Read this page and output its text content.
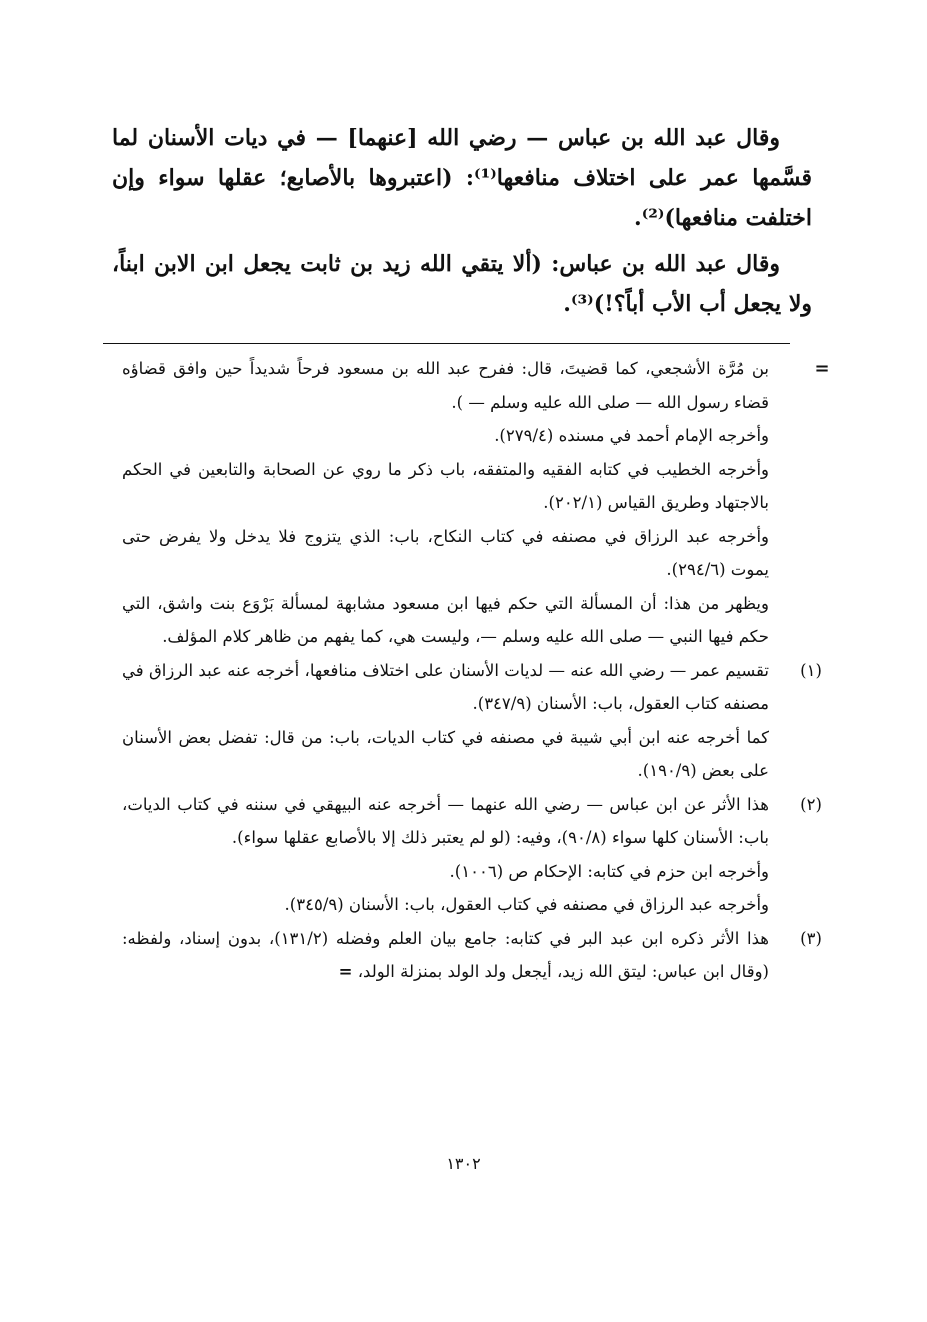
وقال عبد الله بن عباس — رضي الله [عنهما] — في ديات الأسنان لما قسَّمها عمر على اختلاف منافعها⁽¹⁾: (اعتبروها بالأصابع؛ عقلها سواء وإن اختلفت منافعها)⁽²⁾.

وقال عبد الله بن عباس: (ألا يتقي الله زيد بن ثابت يجعل ابن الابن ابناً، ولا يجعل أب الأب أباً؟!)⁽³⁾.

=

بن مُرَّة الأشجعي، كما قضيتَ، قال: ففرح عبد الله بن مسعود فرحاً شديداً حين وافق قضاؤه قضاء رسول الله — صلى الله عليه وسلم — ).

وأخرجه الإمام أحمد في مسنده (٢٧٩/٤).

وأخرجه الخطيب في كتابه الفقيه والمتفقه، باب ذكر ما روي عن الصحابة والتابعين في الحكم بالاجتهاد وطريق القياس (٢٠٢/١).

وأخرجه عبد الرزاق في مصنفه في كتاب النكاح، باب: الذي يتزوج فلا يدخل ولا يفرض حتى يموت (٢٩٤/٦).

ويظهر من هذا: أن المسألة التي حكم فيها ابن مسعود مشابهة لمسألة بَرْوَع بنت واشق، التي حكم فيها النبي — صلى الله عليه وسلم —، وليست هي، كما يفهم من ظاهر كلام المؤلف.

(١)

تقسيم عمر — رضي الله عنه — لديات الأسنان على اختلاف منافعها، أخرجه عنه عبد الرزاق في مصنفه كتاب العقول، باب: الأسنان (٣٤٧/٩).

كما أخرجه عنه ابن أبي شيبة في مصنفه في كتاب الديات، باب: من قال: تفضل بعض الأسنان على بعض (١٩٠/٩).

(٢)

هذا الأثر عن ابن عباس — رضي الله عنهما — أخرجه عنه البيهقي في سننه في كتاب الديات، باب: الأسنان كلها سواء (٩٠/٨)، وفيه: (لو لم يعتبر ذلك إلا بالأصابع عقلها سواء).

وأخرجه ابن حزم في كتابه: الإحكام ص (١٠٠٦).

وأخرجه عبد الرزاق في مصنفه في كتاب العقول، باب: الأسنان (٣٤٥/٩).

(٣)

هذا الأثر ذكره ابن عبد البر في كتابه: جامع بيان العلم وفضله (١٣١/٢)، بدون إسناد، ولفظه: (وقال ابن عباس: ليتق الله زيد، أيجعل ولد الولد بمنزلة الولد، =

١٣٠٢
